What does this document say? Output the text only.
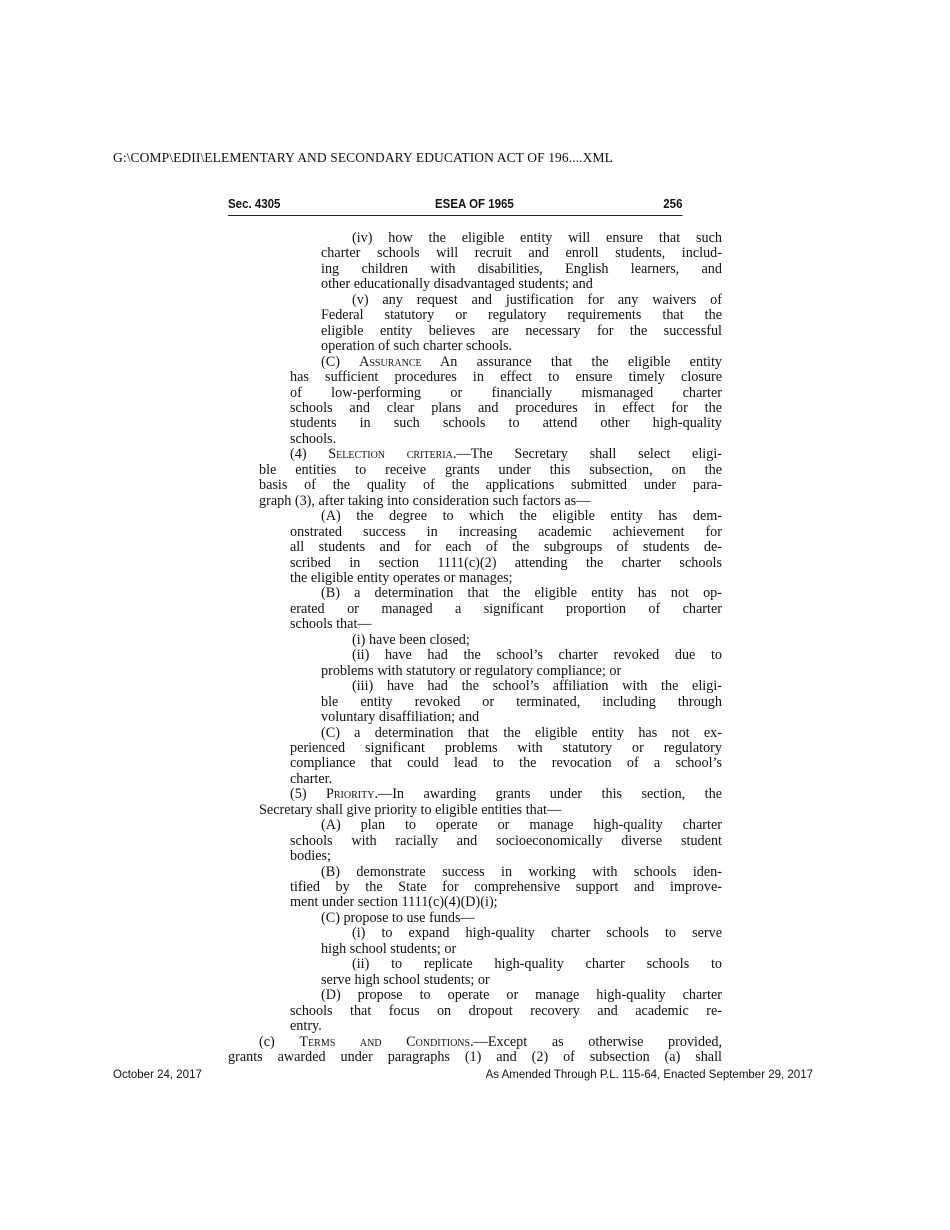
G:\COMP\EDII\ELEMENTARY AND SECONDARY EDUCATION ACT OF 196....XML
Sec. 4305	ESEA OF 1965	256
(iv) how the eligible entity will ensure that such
charter schools will recruit and enroll students, includ-
ing children with disabilities, English learners, and
other educationally disadvantaged students; and
(v) any request and justification for any waivers of
Federal statutory or regulatory requirements that the
eligible entity believes are necessary for the successful
operation of such charter schools.
(C) Assurance An assurance that the eligible entity
has sufficient procedures in effect to ensure timely closure
of low-performing or financially mismanaged charter
schools and clear plans and procedures in effect for the
students in such schools to attend other high-quality
schools.
(4) Selection criteria.—The Secretary shall select eligi-
ble entities to receive grants under this subsection, on the
basis of the quality of the applications submitted under para-
graph (3), after taking into consideration such factors as—
(A) the degree to which the eligible entity has dem-
onstrated success in increasing academic achievement for
all students and for each of the subgroups of students de-
scribed in section 1111(c)(2) attending the charter schools
the eligible entity operates or manages;
(B) a determination that the eligible entity has not op-
erated or managed a significant proportion of charter
schools that—
(i) have been closed;
(ii) have had the school’s charter revoked due to
problems with statutory or regulatory compliance; or
(iii) have had the school’s affiliation with the eligi-
ble entity revoked or terminated, including through
voluntary disaffiliation; and
(C) a determination that the eligible entity has not ex-
perienced significant problems with statutory or regulatory
compliance that could lead to the revocation of a school’s
charter.
(5) Priority.—In awarding grants under this section, the
Secretary shall give priority to eligible entities that—
(A) plan to operate or manage high-quality charter
schools with racially and socioeconomically diverse student
bodies;
(B) demonstrate success in working with schools iden-
tified by the State for comprehensive support and improve-
ment under section 1111(c)(4)(D)(i);
(C) propose to use funds—
(i) to expand high-quality charter schools to serve
high school students; or
(ii) to replicate high-quality charter schools to
serve high school students; or
(D) propose to operate or manage high-quality charter
schools that focus on dropout recovery and academic re-
entry.
(c) Terms and Conditions.—Except as otherwise provided,
grants awarded under paragraphs (1) and (2) of subsection (a) shall
October 24, 2017	As Amended Through P.L. 115-64, Enacted September 29, 2017
